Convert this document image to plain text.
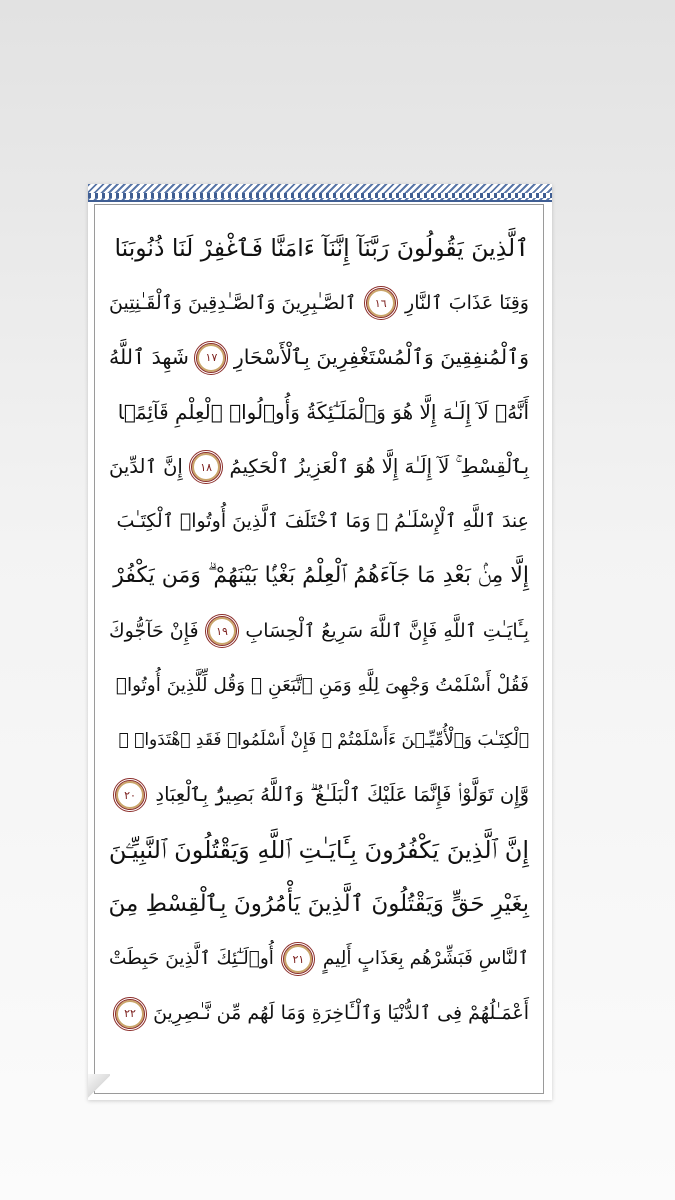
ٱلَّذِينَ يَقُولُونَ رَبَّنَآ إِنَّنَآ ءَامَنَّا فَٱغْفِرْ لَنَا ذُنُوبَنَا
وَقِنَا عَذَابَ ٱلنَّارِ
١٦
ٱلصَّـٰبِرِينَ وَٱلصَّـٰدِقِينَ وَٱلْقَـٰنِتِينَ
وَٱلْمُنفِقِينَ وَٱلْمُسْتَغْفِرِينَ بِٱلْأَسْحَارِ
١٧
شَهِدَ ٱللَّهُ
أَنَّهُۥ لَآ إِلَـٰهَ إِلَّا هُوَ وَٱلْمَلَـٰٓئِكَةُ وَأُو۟لُوا۟ ٱلْعِلْمِ قَآئِمًۢا
بِٱلْقِسْطِ ۚ لَآ إِلَـٰهَ إِلَّا هُوَ ٱلْعَزِيزُ ٱلْحَكِيمُ
١٨
إِنَّ ٱلدِّينَ
عِندَ ٱللَّهِ ٱلْإِسْلَـٰمُ ۗ وَمَا ٱخْتَلَفَ ٱلَّذِينَ أُوتُوا۟ ٱلْكِتَـٰبَ
إِلَّا مِنۢ بَعْدِ مَا جَآءَهُمُ ٱلْعِلْمُ بَغْيًۢا بَيْنَهُمْ ۗ وَمَن يَكْفُرْ
بِـَٔايَـٰتِ ٱللَّهِ فَإِنَّ ٱللَّهَ سَرِيعُ ٱلْحِسَابِ
١٩
فَإِنْ حَآجُّوكَ
فَقُلْ أَسْلَمْتُ وَجْهِىَ لِلَّهِ وَمَنِ ٱتَّبَعَنِ ۗ وَقُل لِّلَّذِينَ أُوتُوا۟
ٱلْكِتَـٰبَ وَٱلْأُمِّيِّـۧنَ ءَأَسْلَمْتُمْ ۚ فَإِنْ أَسْلَمُوا۟ فَقَدِ ٱهْتَدَوا۟ ۖ
وَّإِن تَوَلَّوْا۟ فَإِنَّمَا عَلَيْكَ ٱلْبَلَـٰغُ ۗ وَٱللَّهُ بَصِيرٌۢ بِٱلْعِبَادِ
٢٠
إِنَّ ٱلَّذِينَ يَكْفُرُونَ بِـَٔايَـٰتِ ٱللَّهِ وَيَقْتُلُونَ ٱلنَّبِيِّـۧنَ
بِغَيْرِ حَقٍّ وَيَقْتُلُونَ ٱلَّذِينَ يَأْمُرُونَ بِٱلْقِسْطِ مِنَ
ٱلنَّاسِ فَبَشِّرْهُم بِعَذَابٍ أَلِيمٍ
٢١
أُو۟لَـٰٓئِكَ ٱلَّذِينَ حَبِطَتْ
أَعْمَـٰلُهُمْ فِى ٱلدُّنْيَا وَٱلْـَٔاخِرَةِ وَمَا لَهُم مِّن نَّـٰصِرِينَ
٢٢
